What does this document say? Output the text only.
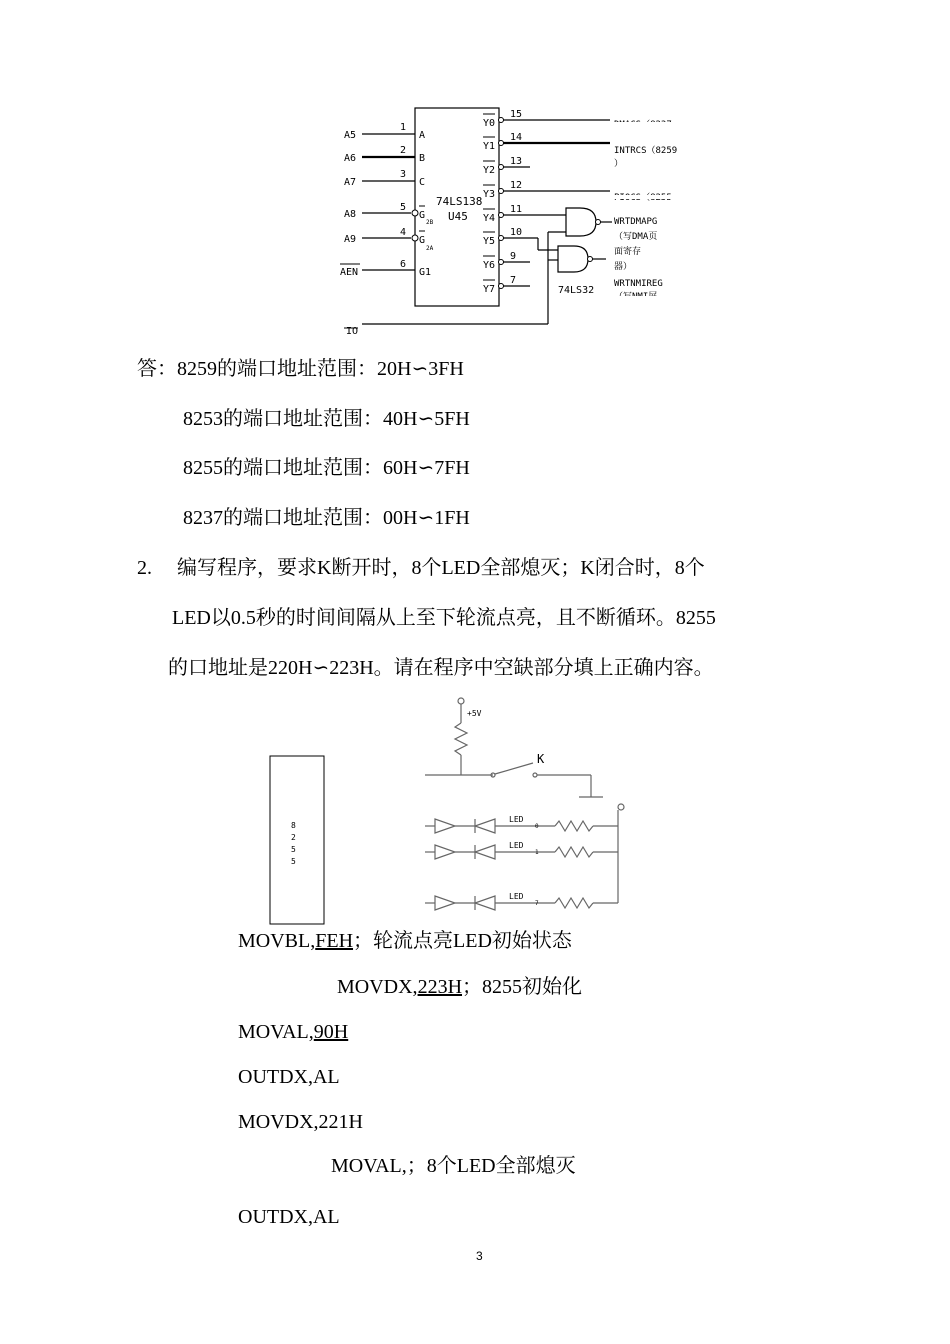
74LS138
U45
A5
1
A
A6
2
B
A7
3
C
A8
5
G
2B
A9
4
G
2A
AEN
6
G1
IO
Y0
15
Y1
14
Y2
13
Y3
12
Y4
11
Y5
10
Y6
9
Y7
7
INTRCS（8259
）
WRTDMAPG
（写DMA页
面寄存
器）
WRTNMIREG
74LS32
答：8259的端口地址范围：20H∽3FH
8253的端口地址范围：40H∽5FH
8255的端口地址范围：60H∽7FH
8237的端口地址范围：00H∽1FH
2. 编写程序，要求K断开时，8个LED全部熄灭；K闭合时，8个
LED以0.5秒的时间间隔从上至下轮流点亮，且不断循环。8255
的口地址是220H∽223H。请在程序中空缺部分填上正确内容。
8
2
5
5
+5V
K
LED
0
LED
1
LED
7
MOVBL,FEH；轮流点亮LED初始状态
MOVDX,223H；8255初始化
MOVAL,90H
OUTDX,AL
MOVDX,221H
MOVAL,；8个LED全部熄灭
OUTDX,AL
3
